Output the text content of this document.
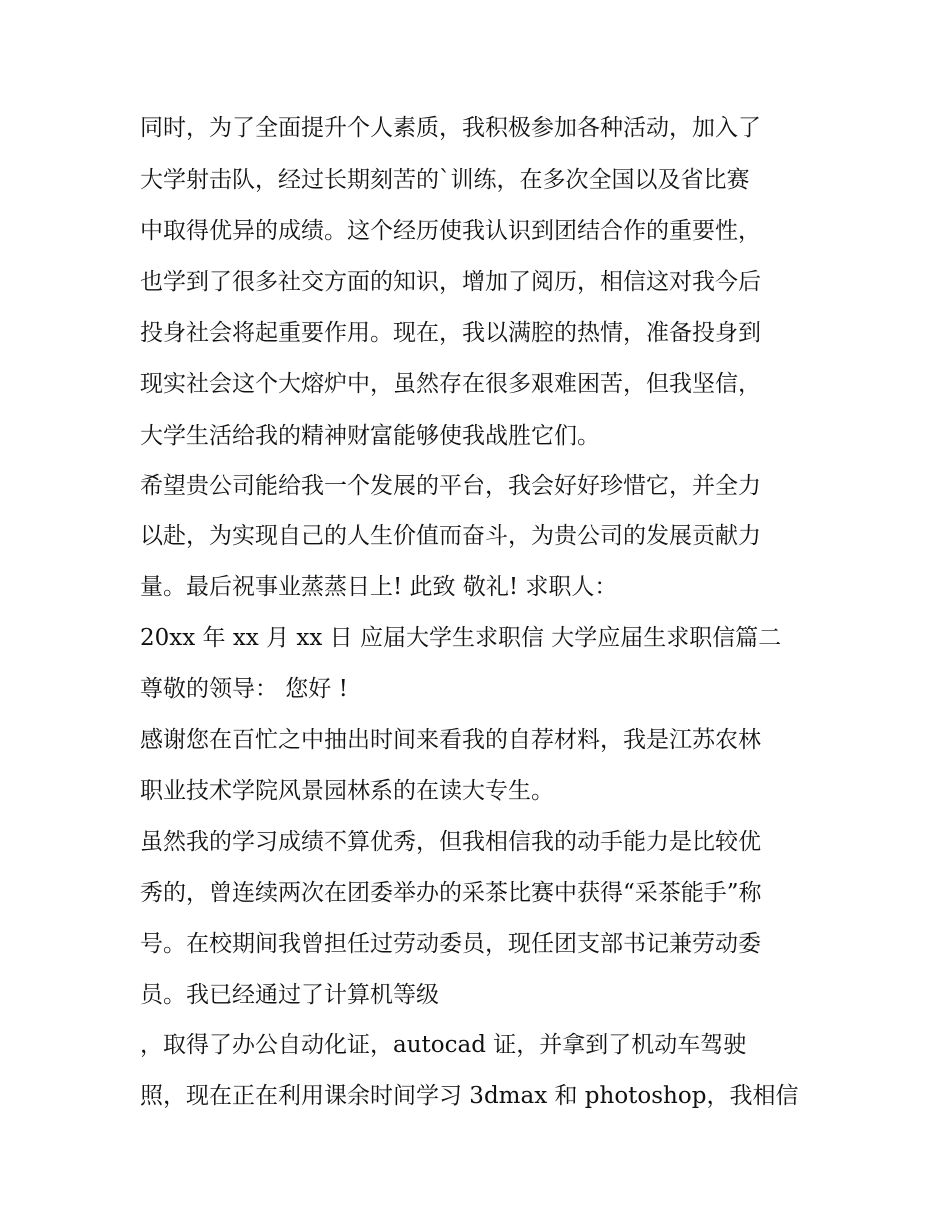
同时，为了全面提升个人素质，我积极参加各种活动，加入了
大学射击队，经过长期刻苦的`训练，在多次全国以及省比赛
中取得优异的成绩。这个经历使我认识到团结合作的重要性，
也学到了很多社交方面的知识，增加了阅历，相信这对我今后
投身社会将起重要作用。现在，我以满腔的热情，准备投身到
现实社会这个大熔炉中，虽然存在很多艰难困苦，但我坚信，
大学生活给我的精神财富能够使我战胜它们。
希望贵公司能给我一个发展的平台，我会好好珍惜它，并全力
以赴，为实现自己的人生价值而奋斗，为贵公司的发展贡献力
量。最后祝事业蒸蒸日上! 此致 敬礼! 求职人：
20xx 年 xx 月 xx 日 应届大学生求职信 大学应届生求职信篇二
尊敬的领导： 您好 !
感谢您在百忙之中抽出时间来看我的自荐材料，我是江苏农林
职业技术学院风景园林系的在读大专生。
虽然我的学习成绩不算优秀，但我相信我的动手能力是比较优
秀的，曾连续两次在团委举办的采茶比赛中获得“采茶能手”称
号。在校期间我曾担任过劳动委员，现任团支部书记兼劳动委
员。我已经通过了计算机等级
，取得了办公自动化证，autocad 证，并拿到了机动车驾驶
照，现在正在利用课余时间学习 3dmax 和 photoshop，我相信
